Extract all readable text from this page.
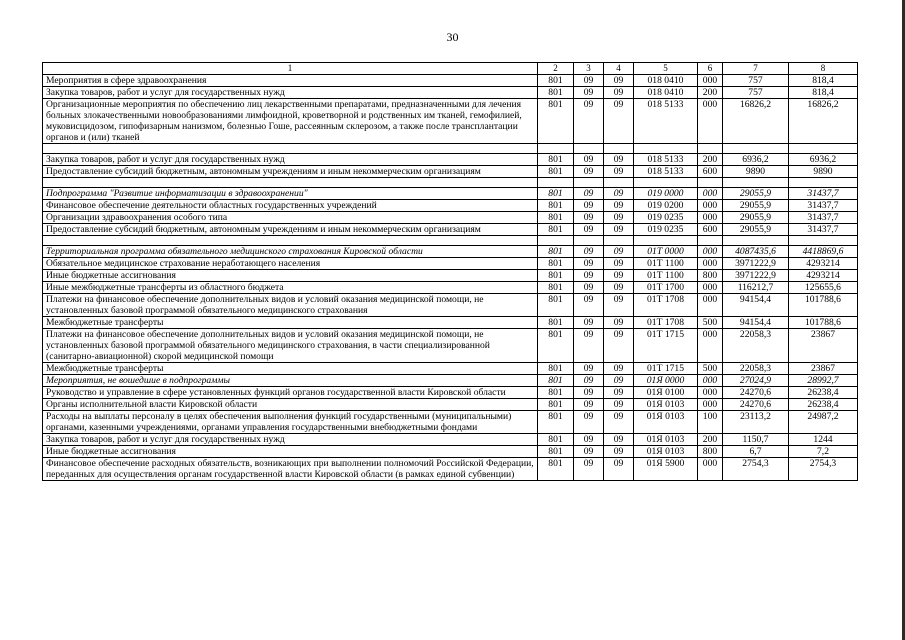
30
1	2	3	4	5	6	7	8
Мероприятия в сфере здравоохранения	801	09	09	018 0410	000	757	818,4
Закупка товаров, работ и услуг для государственных нужд	801	09	09	018 0410	200	757	818,4
Организационные мероприятия по обеспечению лиц лекарственными препаратами, предназначенными для лечения больных злокачественными новообразованиями лимфоидной, кроветворной и родственных им тканей, гемофилией, муковисцидозом, гипофизарным нанизмом, болезнью Гоше, рассеянным склерозом, а также после трансплантации органов и (или) тканей	801	09	09	018 5133	000	16826,2	16826,2

Закупка товаров, работ и услуг для государственных нужд	801	09	09	018 5133	200	6936,2	6936,2
Предоставление субсидий бюджетным, автономным учреждениям и иным некоммерческим организациям	801	09	09	018 5133	600	9890	9890

Подпрограмма "Развитие информатизации в здравоохранении"	801	09	09	019 0000	000	29055,9	31437,7
Финансовое обеспечение деятельности областных государственных учреждений	801	09	09	019 0200	000	29055,9	31437,7
Организации здравоохранения особого типа	801	09	09	019 0235	000	29055,9	31437,7
Предоставление субсидий бюджетным, автономным учреждениям и иным некоммерческим организациям	801	09	09	019 0235	600	29055,9	31437,7

Территориальная программа обязательного медицинского страхования Кировской области	801	09	09	01Т 0000	000	4087435,6	4418869,6
Обязательное медицинское страхование неработающего населения	801	09	09	01Т 1100	000	3971222,9	4293214
Иные бюджетные ассигнования	801	09	09	01Т 1100	800	3971222,9	4293214
Иные межбюджетные трансферты из областного бюджета	801	09	09	01Т 1700	000	116212,7	125655,6
Платежи на финансовое обеспечение дополнительных видов и условий оказания медицинской помощи, не установленных базовой программой обязательного медицинского страхования	801	09	09	01Т 1708	000	94154,4	101788,6
Межбюджетные трансферты	801	09	09	01Т 1708	500	94154,4	101788,6
Платежи на финансовое обеспечение дополнительных видов и условий оказания медицинской помощи, не установленных базовой программой обязательного медицинского страхования, в части специализированной (санитарно-авиационной) скорой медицинской помощи	801	09	09	01Т 1715	000	22058,3	23867
Межбюджетные трансферты	801	09	09	01Т 1715	500	22058,3	23867
Мероприятия, не вошедшие в подпрограммы	801	09	09	01Я 0000	000	27024,9	28992,7
Руководство и управление в сфере установленных функций органов государственной власти Кировской области	801	09	09	01Я 0100	000	24270,6	26238,4
Органы исполнительной власти Кировской области	801	09	09	01Я 0103	000	24270,6	26238,4
Расходы на выплаты персоналу в целях обеспечения выполнения функций государственными (муниципальными) органами, казенными учреждениями, органами управления государственными внебюджетными фондами	801	09	09	01Я 0103	100	23113,2	24987,2
Закупка товаров, работ и услуг для государственных нужд	801	09	09	01Я 0103	200	1150,7	1244
Иные бюджетные ассигнования	801	09	09	01Я 0103	800	6,7	7,2
Финансовое обеспечение расходных обязательств, возникающих при выполнении полномочий Российской Федерации, переданных для осуществления органам государственной власти Кировской области (в рамках единой субвенции)	801	09	09	01Я 5900	000	2754,3	2754,3
